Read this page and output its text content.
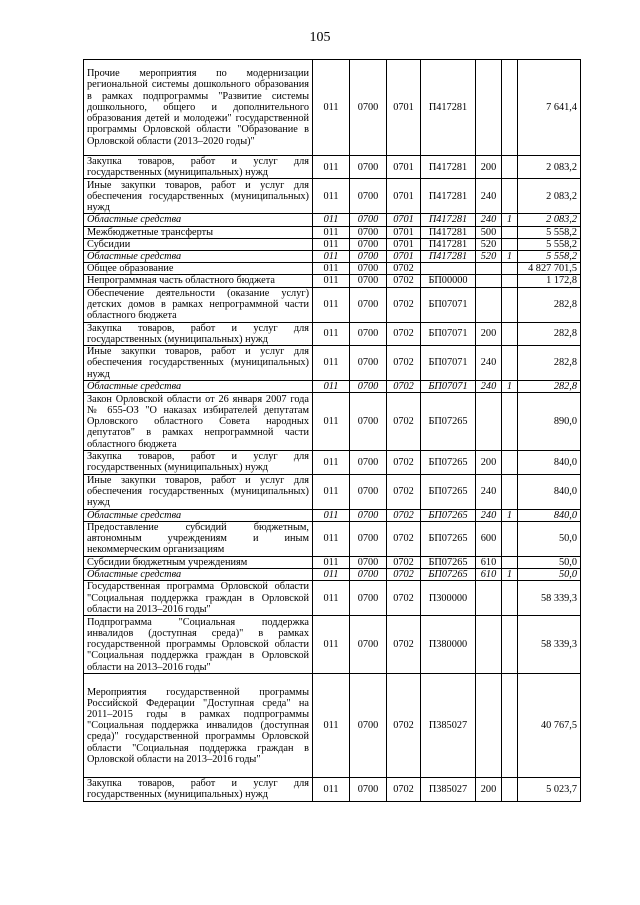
105
Прочие мероприятия по модернизации региональной системы дошкольного образования в рамках подпрограммы "Развитие системы дошкольного, общего и дополнительного образования детей и молодежи" государственной программы Орловской области "Образование в Орловской области (2013–2020 годы)"	011	0700	0701	П417281			7 641,4
Закупка товаров, работ и услуг для государственных (муниципальных) нужд	011	0700	0701	П417281	200		2 083,2
Иные закупки товаров, работ и услуг для обеспечения государственных (муниципальных) нужд	011	0700	0701	П417281	240		2 083,2
Областные средства	011	0700	0701	П417281	240	1	2 083,2
Межбюджетные трансферты	011	0700	0701	П417281	500		5 558,2
Субсидии	011	0700	0701	П417281	520		5 558,2
Областные средства	011	0700	0701	П417281	520	1	5 558,2
Общее образование	011	0700	0702				4 827 701,5
Непрограммная часть областного бюджета	011	0700	0702	БП00000			1 172,8
Обеспечение деятельности (оказание услуг) детских домов в рамках непрограммной части областного бюджета	011	0700	0702	БП07071			282,8
Закупка товаров, работ и услуг для государственных (муниципальных) нужд	011	0700	0702	БП07071	200		282,8
Иные закупки товаров, работ и услуг для обеспечения государственных (муниципальных) нужд	011	0700	0702	БП07071	240		282,8
Областные средства	011	0700	0702	БП07071	240	1	282,8
Закон Орловской области от 26 января 2007 года № 655-ОЗ "О наказах избирателей депутатам Орловского областного Совета народных депутатов" в рамках непрограммной части областного бюджета	011	0700	0702	БП07265			890,0
Закупка товаров, работ и услуг для государственных (муниципальных) нужд	011	0700	0702	БП07265	200		840,0
Иные закупки товаров, работ и услуг для обеспечения государственных (муниципальных) нужд	011	0700	0702	БП07265	240		840,0
Областные средства	011	0700	0702	БП07265	240	1	840,0
Предоставление субсидий бюджетным, автономным учреждениям и иным некоммерческим организациям	011	0700	0702	БП07265	600		50,0
Субсидии бюджетным учреждениям	011	0700	0702	БП07265	610		50,0
Областные средства	011	0700	0702	БП07265	610	1	50,0
Государственная программа Орловской области "Социальная поддержка граждан в Орловской области на 2013–2016 годы"	011	0700	0702	П300000			58 339,3
Подпрограмма "Социальная поддержка инвалидов (доступная среда)" в рамках государственной программы Орловской области "Социальная поддержка граждан в Орловской области на 2013–2016 годы"	011	0700	0702	П380000			58 339,3
Мероприятия государственной программы Российской Федерации "Доступная среда" на 2011–2015 годы в рамках подпрограммы "Социальная поддержка инвалидов (доступная среда)" государственной программы Орловской области "Социальная поддержка граждан в Орловской области на 2013–2016 годы"	011	0700	0702	П385027			40 767,5
Закупка товаров, работ и услуг для государственных (муниципальных) нужд	011	0700	0702	П385027	200		5 023,7
